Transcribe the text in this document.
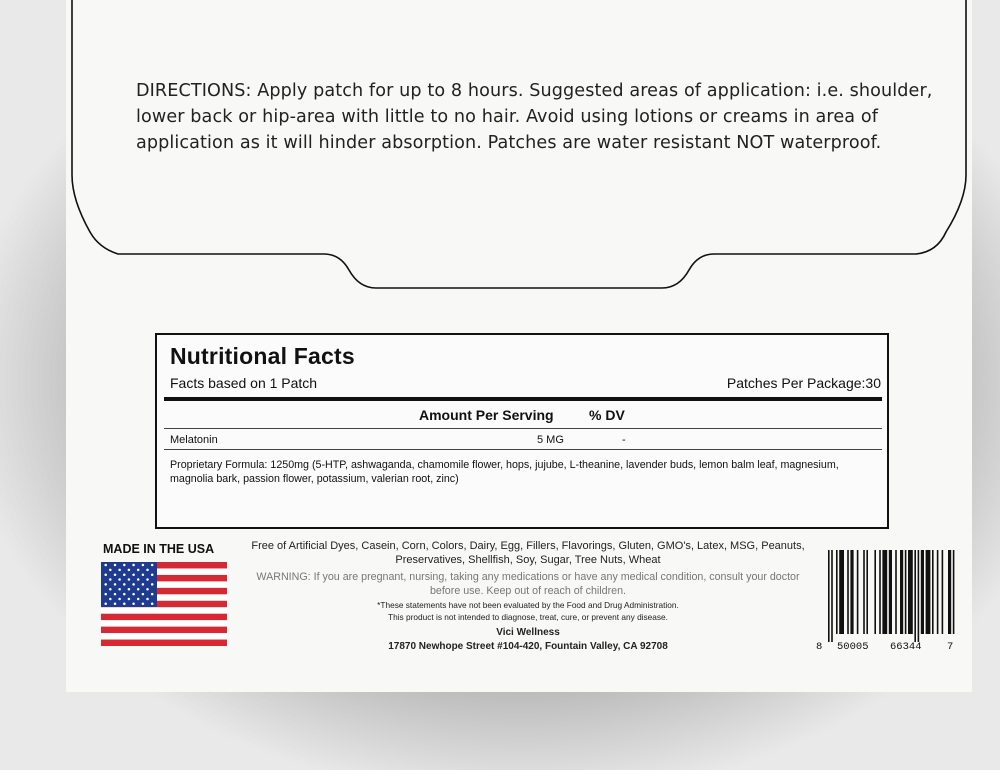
DIRECTIONS: Apply patch for up to 8 hours. Suggested areas of application: i.e. shoulder, lower back or hip-area with little to no hair. Avoid using lotions or creams in area of application as it will hinder absorption. Patches are water resistant NOT waterproof.
Nutritional Facts
Facts based on 1 Patch	Patches Per Package:30
Amount Per Serving	% DV
Melatonin	5 MG	-
Proprietary Formula: 1250mg (5-HTP, ashwaganda, chamomile flower, hops, jujube, L-theanine, lavender buds, lemon balm leaf, magnesium, magnolia bark, passion flower, potassium, valerian root, zinc)
MADE IN THE USA	Free of Artificial Dyes, Casein, Corn, Colors, Dairy, Egg, Fillers, Flavorings, Gluten, GMO's, Latex, MSG, Peanuts, Preservatives, Shellfish, Soy, Sugar, Tree Nuts, Wheat
WARNING: If you are pregnant, nursing, taking any medications or have any medical condition, consult your doctor before use. Keep out of reach of children.
*These statements have not been evaluated by the Food and Drug Administration.
This product is not intended to diagnose, treat, cure, or prevent any disease.
Vici Wellness
17870 Newhope Street #104-420, Fountain Valley, CA 92708	8 50005 66344 7
